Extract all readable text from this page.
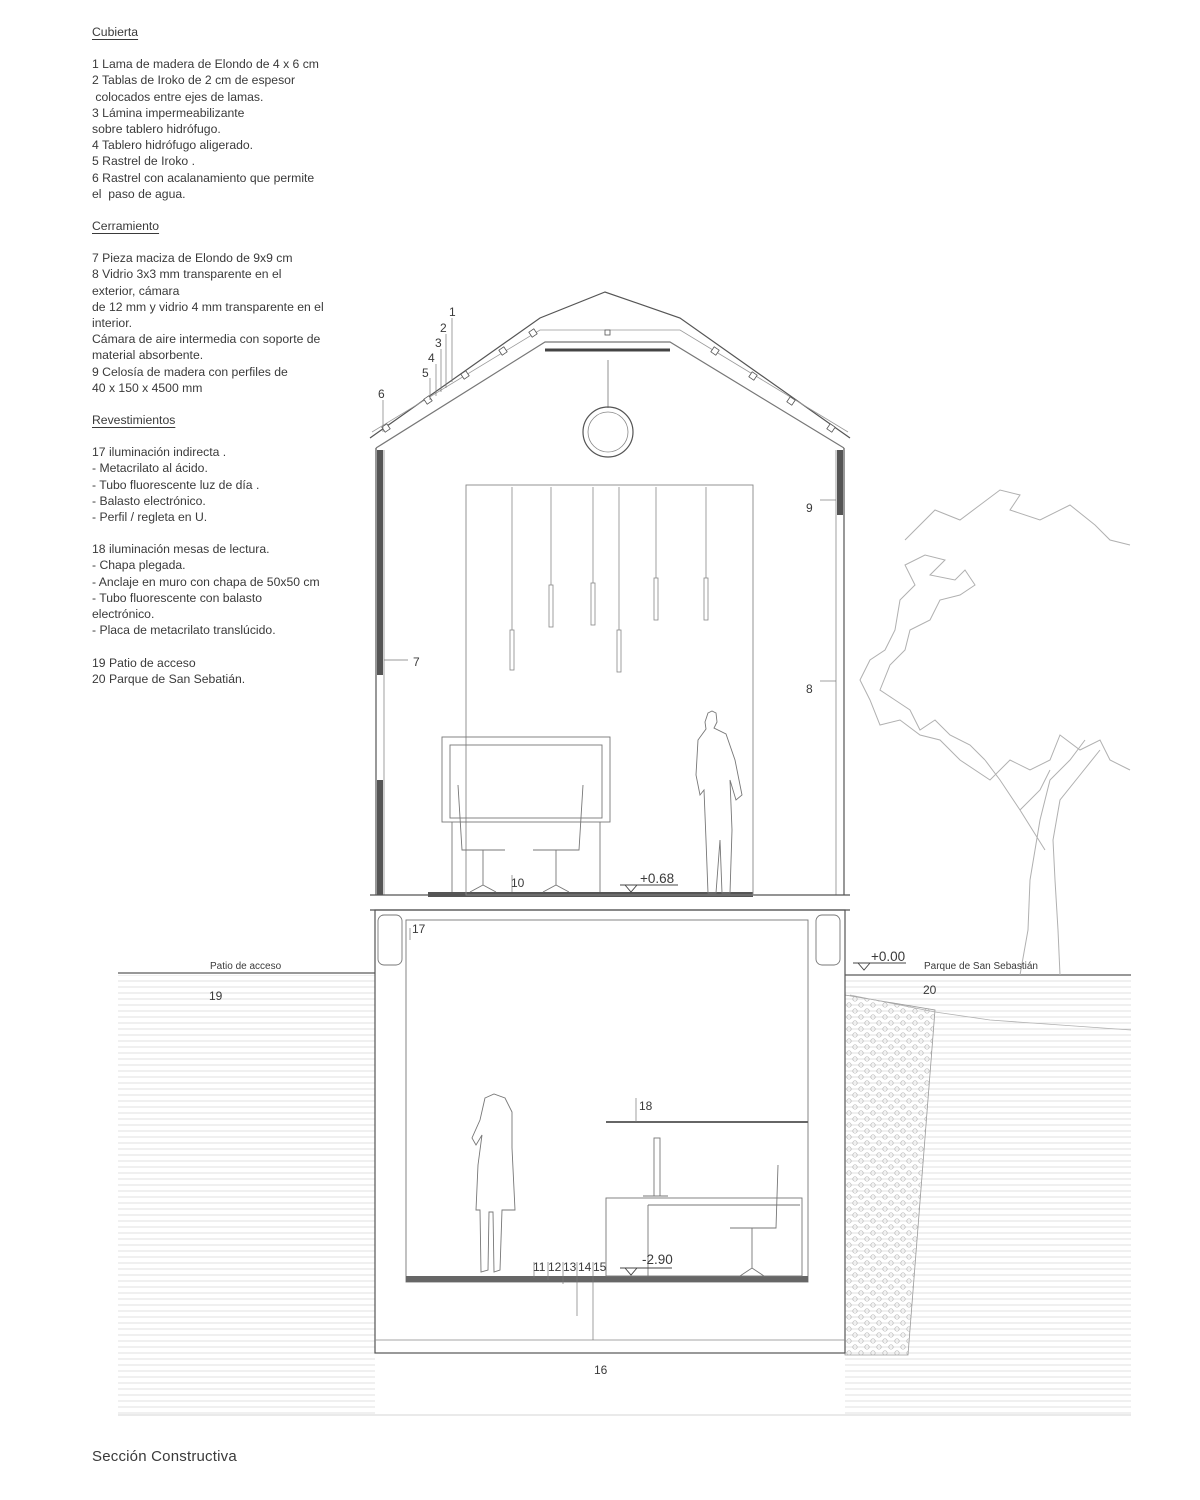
Cubierta
1 Lama de madera de Elondo de 4 x 6 cm
2 Tablas de Iroko de 2 cm de espesor
colocados entre ejes de lamas.
3 Lámina impermeabilizante
sobre tablero hidrófugo.
4 Tablero hidrófugo aligerado.
5 Rastrel de Iroko .
6 Rastrel con acalanamiento que permite
el  paso de agua.
Cerramiento
7 Pieza maciza de Elondo de 9x9 cm
8 Vidrio 3x3 mm transparente en el
exterior, cámara
de 12 mm y vidrio 4 mm transparente en el
interior.
Cámara de aire intermedia con soporte de
material absorbente.
9 Celosía de madera con perfiles de
40 x 150 x 4500 mm
Revestimientos
17 iluminación indirecta .
- Metacrilato al ácido.
- Tubo fluorescente luz de día .
- Balasto electrónico.
- Perfil / regleta en U.
18 iluminación mesas de lectura.
- Chapa plegada.
- Anclaje en muro con chapa de 50x50 cm
- Tubo fluorescente con balasto
electrónico.
- Placa de metacrilato translúcido.
19 Patio de acceso
20 Parque de San Sebatián.
+0.68
-2.90
+0.00
Patio de acceso	Parque de San Sebastián
1
2
3
4
5
6
7
8
9
10
11 12 13 14 15
16
17
18
19	20
Sección Constructiva
